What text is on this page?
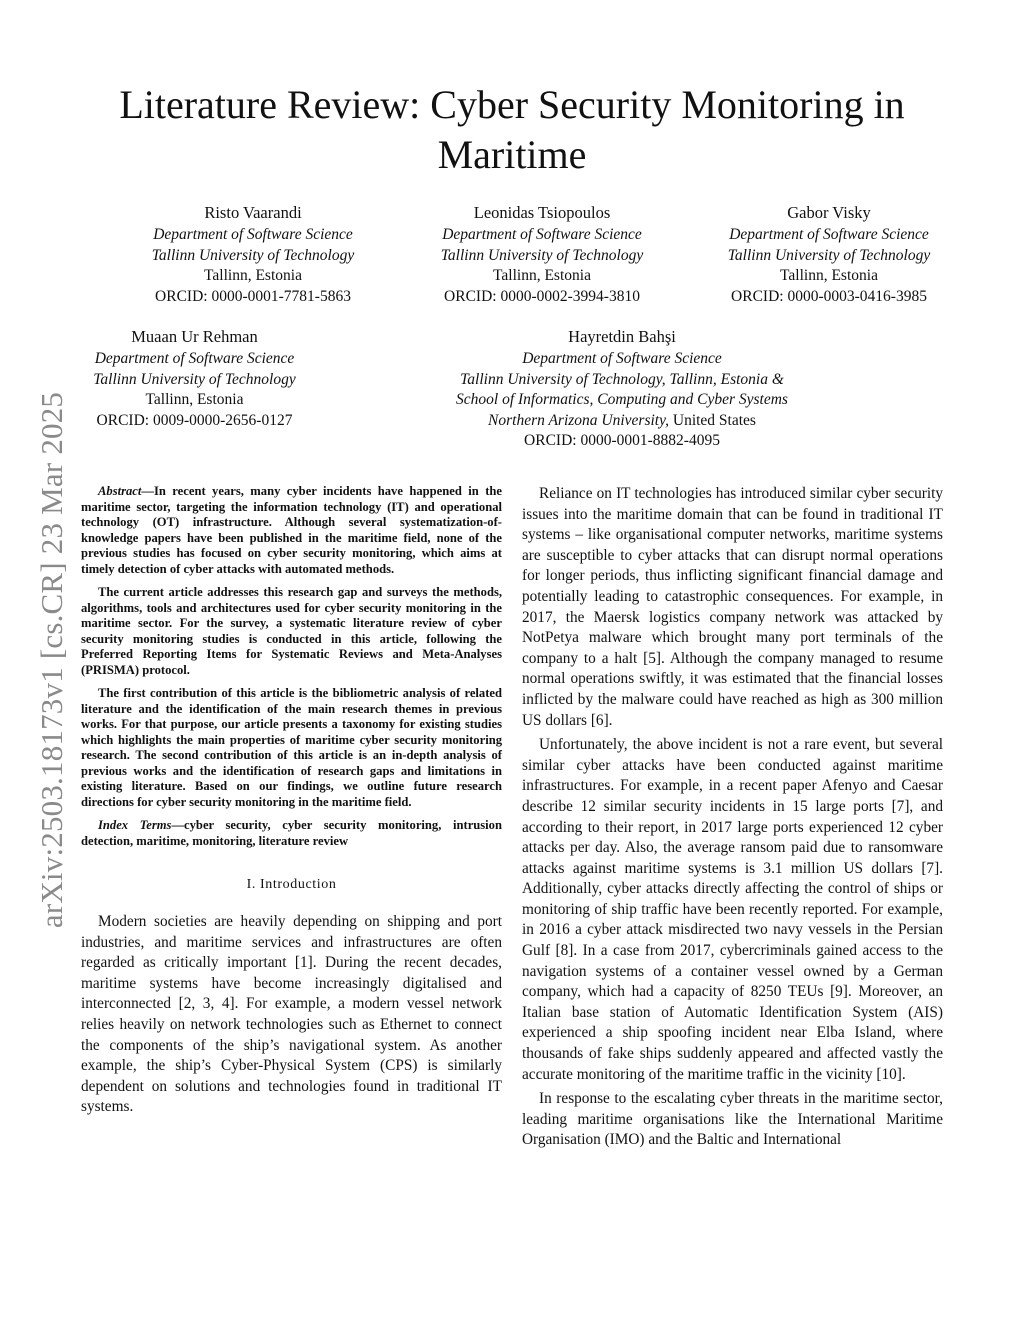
arXiv:2503.18173v1 [cs.CR] 23 Mar 2025
Literature Review: Cyber Security Monitoring in Maritime
Risto Vaarandi
Department of Software Science
Tallinn University of Technology
Tallinn, Estonia
ORCID: 0000-0001-7781-5863
Leonidas Tsiopoulos
Department of Software Science
Tallinn University of Technology
Tallinn, Estonia
ORCID: 0000-0002-3994-3810
Gabor Visky
Department of Software Science
Tallinn University of Technology
Tallinn, Estonia
ORCID: 0000-0003-0416-3985
Muaan Ur Rehman
Department of Software Science
Tallinn University of Technology
Tallinn, Estonia
ORCID: 0009-0000-2656-0127
Hayretdin Bahşi
Department of Software Science
Tallinn University of Technology, Tallinn, Estonia &
School of Informatics, Computing and Cyber Systems
Northern Arizona University, United States
ORCID: 0000-0001-8882-4095

Abstract—In recent years, many cyber incidents have happened in the maritime sector, targeting the information technology (IT) and operational technology (OT) infrastructure. Although several systematization-of-knowledge papers have been published in the maritime field, none of the previous studies has focused on cyber security monitoring, which aims at timely detection of cyber attacks with automated methods.

The current article addresses this research gap and surveys the methods, algorithms, tools and architectures used for cyber security monitoring in the maritime sector. For the survey, a systematic literature review of cyber security monitoring studies is conducted in this article, following the Preferred Reporting Items for Systematic Reviews and Meta-Analyses (PRISMA) protocol.

The first contribution of this article is the bibliometric analysis of related literature and the identification of the main research themes in previous works. For that purpose, our article presents a taxonomy for existing studies which highlights the main properties of maritime cyber security monitoring research. The second contribution of this article is an in-depth analysis of previous works and the identification of research gaps and limitations in existing literature. Based on our findings, we outline future research directions for cyber security monitoring in the maritime field.

Index Terms—cyber security, cyber security monitoring, intrusion detection, maritime, monitoring, literature review

I. Introduction

Modern societies are heavily depending on shipping and port industries, and maritime services and infrastructures are often regarded as critically important [1]. During the recent decades, maritime systems have become increasingly digitalised and interconnected [2, 3, 4]. For example, a modern vessel network relies heavily on network technologies such as Ethernet to connect the components of the ship’s navigational system. As another example, the ship’s Cyber-Physical System (CPS) is similarly dependent on solutions and technologies found in traditional IT systems.

Reliance on IT technologies has introduced similar cyber security issues into the maritime domain that can be found in traditional IT systems – like organisational computer networks, maritime systems are susceptible to cyber attacks that can disrupt normal operations for longer periods, thus inflicting significant financial damage and potentially leading to catastrophic consequences. For example, in 2017, the Maersk logistics company network was attacked by NotPetya malware which brought many port terminals of the company to a halt [5]. Although the company managed to resume normal operations swiftly, it was estimated that the financial losses inflicted by the malware could have reached as high as 300 million US dollars [6].

Unfortunately, the above incident is not a rare event, but several similar cyber attacks have been conducted against maritime infrastructures. For example, in a recent paper Afenyo and Caesar describe 12 similar security incidents in 15 large ports [7], and according to their report, in 2017 large ports experienced 12 cyber attacks per day. Also, the average ransom paid due to ransomware attacks against maritime systems is 3.1 million US dollars [7]. Additionally, cyber attacks directly affecting the control of ships or monitoring of ship traffic have been recently reported. For example, in 2016 a cyber attack misdirected two navy vessels in the Persian Gulf [8]. In a case from 2017, cybercriminals gained access to the navigation systems of a container vessel owned by a German company, which had a capacity of 8250 TEUs [9]. Moreover, an Italian base station of Automatic Identification System (AIS) experienced a ship spoofing incident near Elba Island, where thousands of fake ships suddenly appeared and affected vastly the accurate monitoring of the maritime traffic in the vicinity [10].

In response to the escalating cyber threats in the maritime sector, leading maritime organisations like the International Maritime Organisation (IMO) and the Baltic and International
